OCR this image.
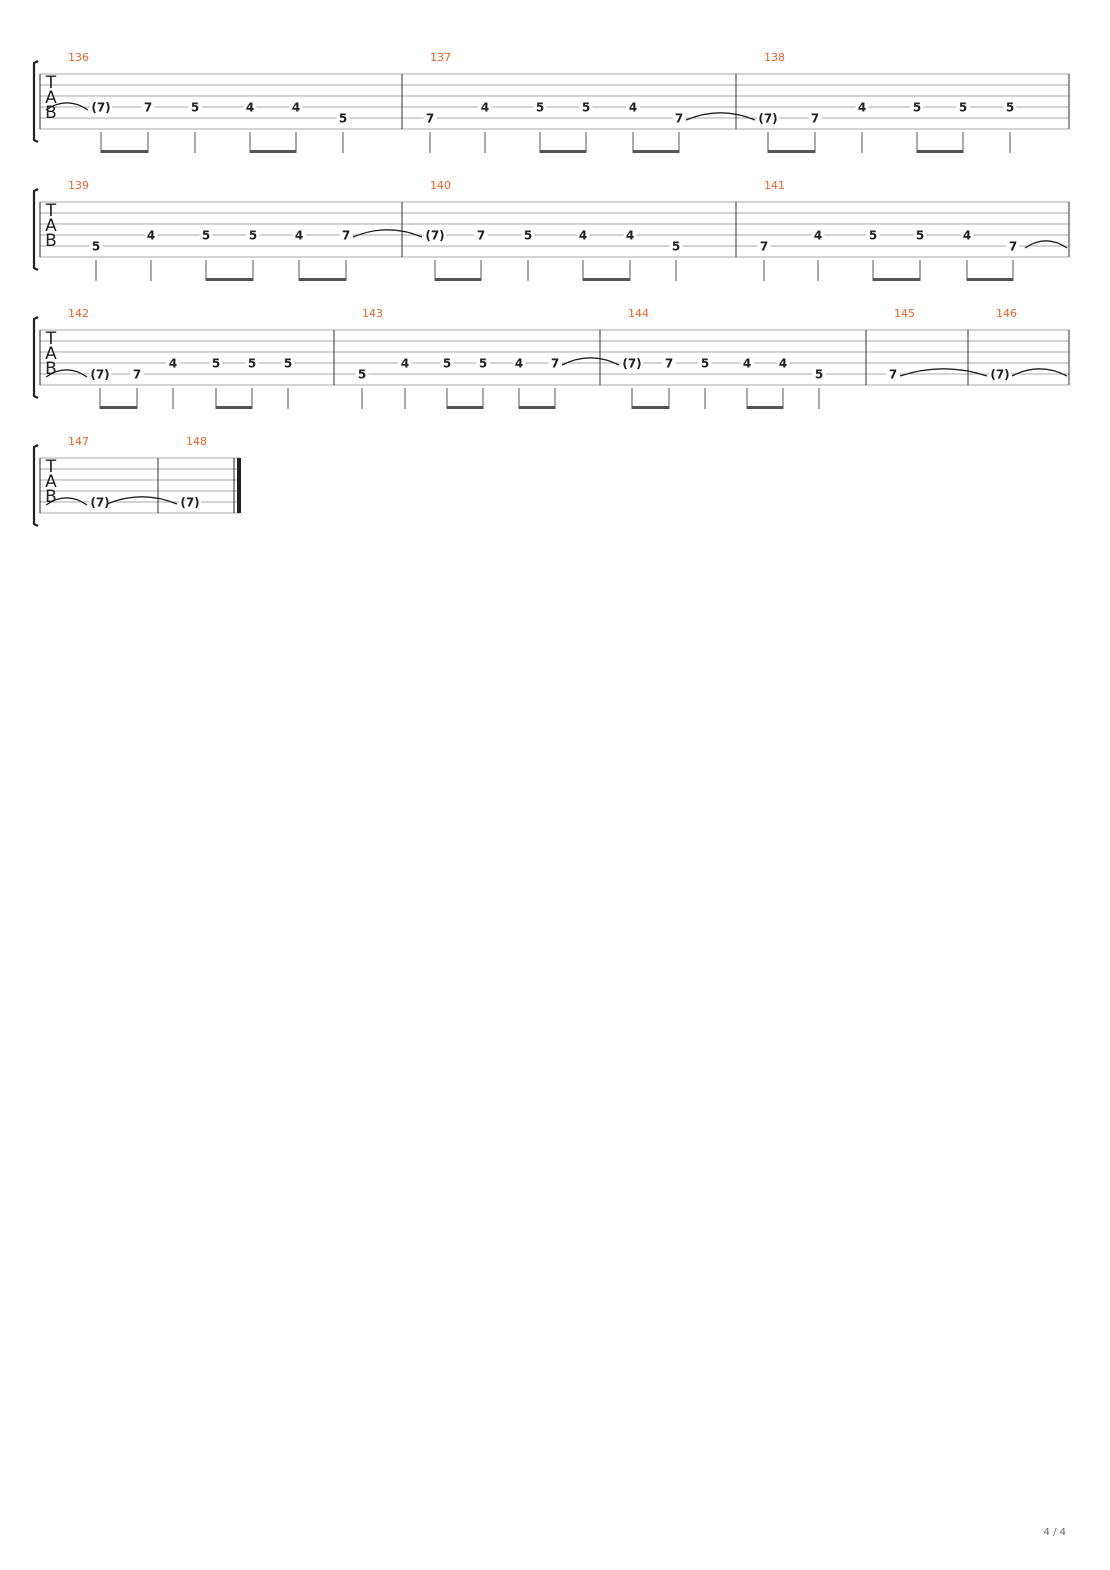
T
A
B
136
(7)	7	5	4	4
5
137
7
4	5	5	4
7
138
(7)	7
4	5	5	5
T
A
B
139
5
4	5	5	4	7
140
(7)	7	5	4	4
5
141
7
4	5	5	4
7
T
A
B
142
(7) 7
4	5 5 5
143
5
4	5 5 4 7
144
(7) 7 5	4 4
5
145
7
146
(7)
T
A
B
147
(7)
148
(7)
4 / 4
